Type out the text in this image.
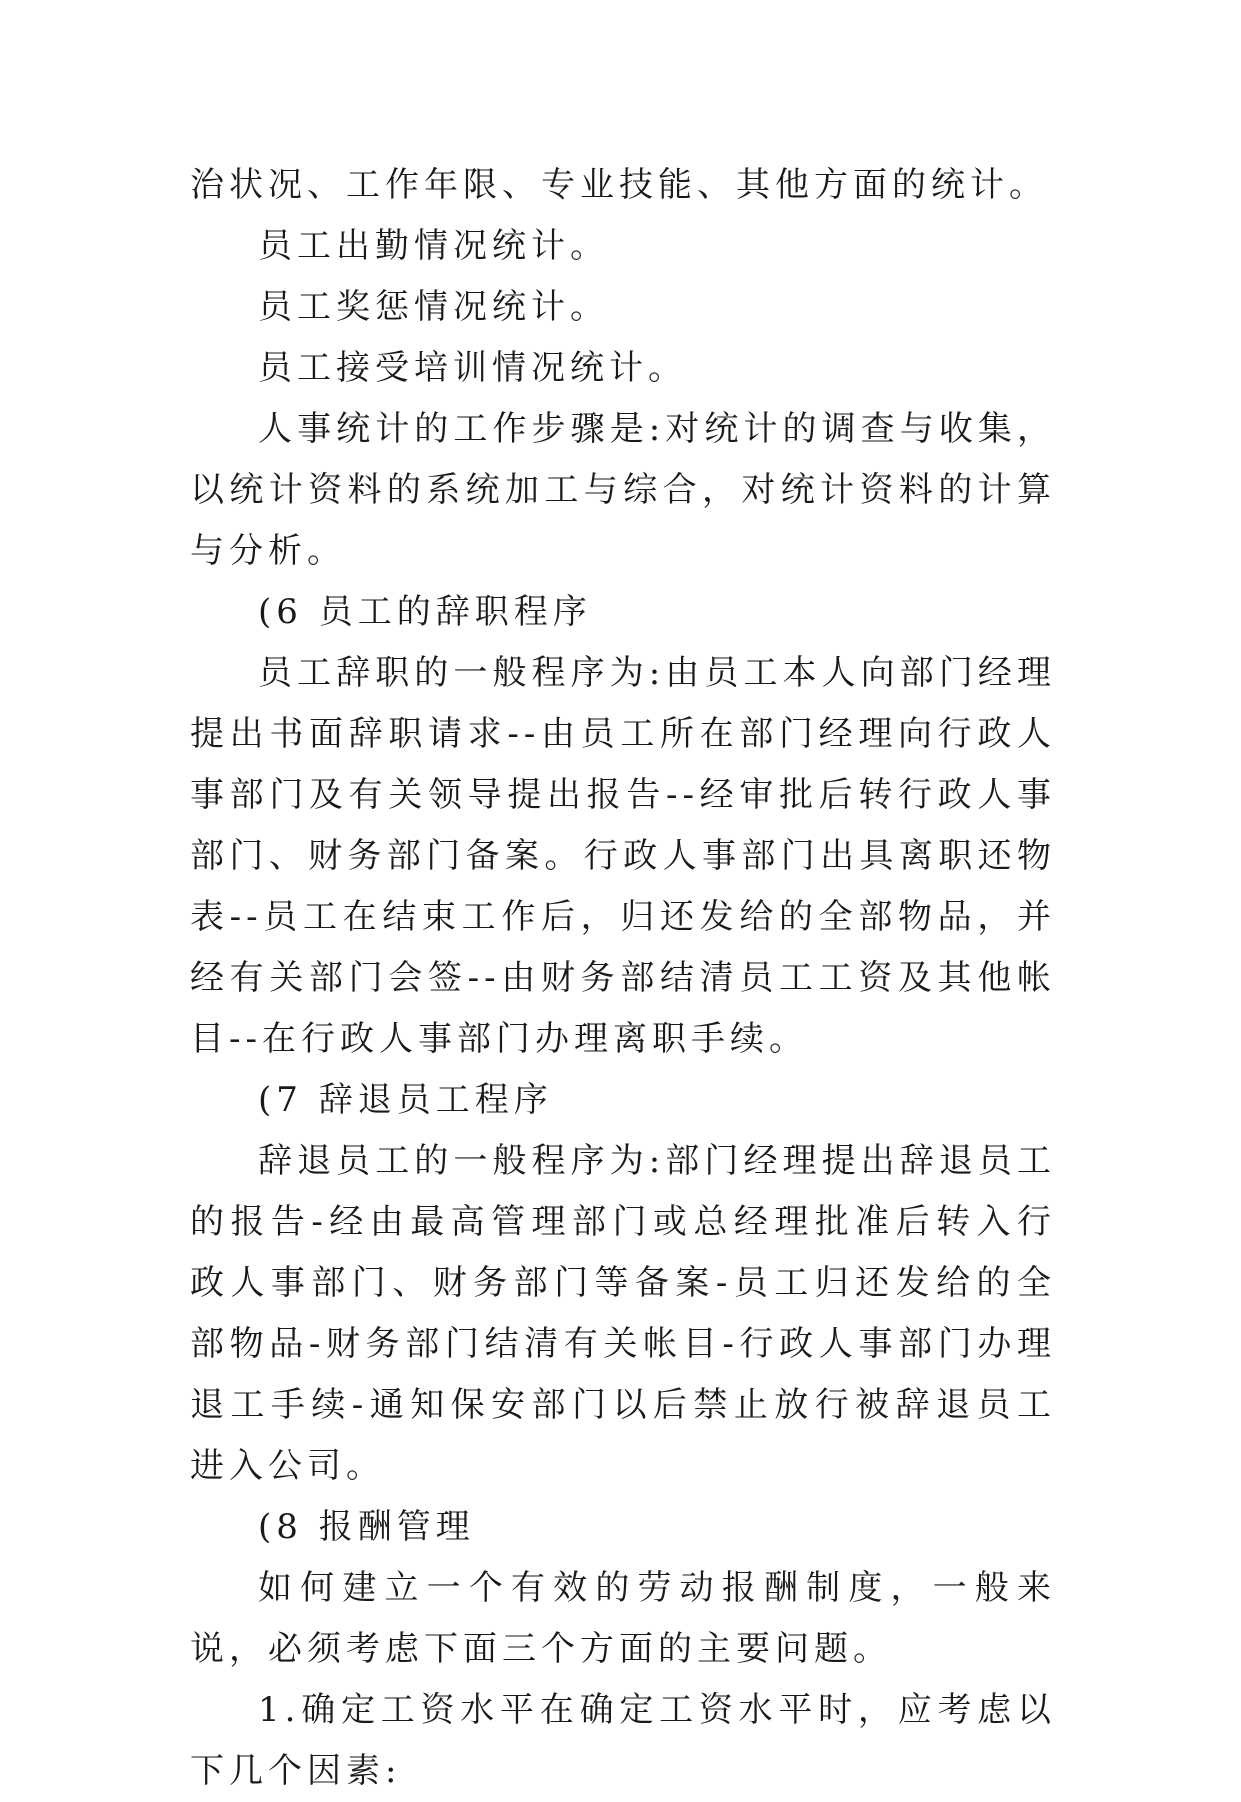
治状况、工作年限、专业技能、其他方面的统计。

员工出勤情况统计。

员工奖惩情况统计。

员工接受培训情况统计。

人事统计的工作步骤是:对统计的调查与收集，以统计资料的系统加工与综合，对统计资料的计算与分析。

(6 员工的辞职程序

员工辞职的一般程序为:由员工本人向部门经理提出书面辞职请求--由员工所在部门经理向行政人事部门及有关领导提出报告--经审批后转行政人事部门、财务部门备案。行政人事部门出具离职还物表--员工在结束工作后，归还发给的全部物品，并经有关部门会签--由财务部结清员工工资及其他帐目--在行政人事部门办理离职手续。

(7 辞退员工程序

辞退员工的一般程序为:部门经理提出辞退员工的报告-经由最高管理部门或总经理批准后转入行政人事部门、财务部门等备案-员工归还发给的全部物品-财务部门结清有关帐目-行政人事部门办理退工手续-通知保安部门以后禁止放行被辞退员工进入公司。

(8 报酬管理

如何建立一个有效的劳动报酬制度，一般来说，必须考虑下面三个方面的主要问题。

1.确定工资水平在确定工资水平时，应考虑以下几个因素:
